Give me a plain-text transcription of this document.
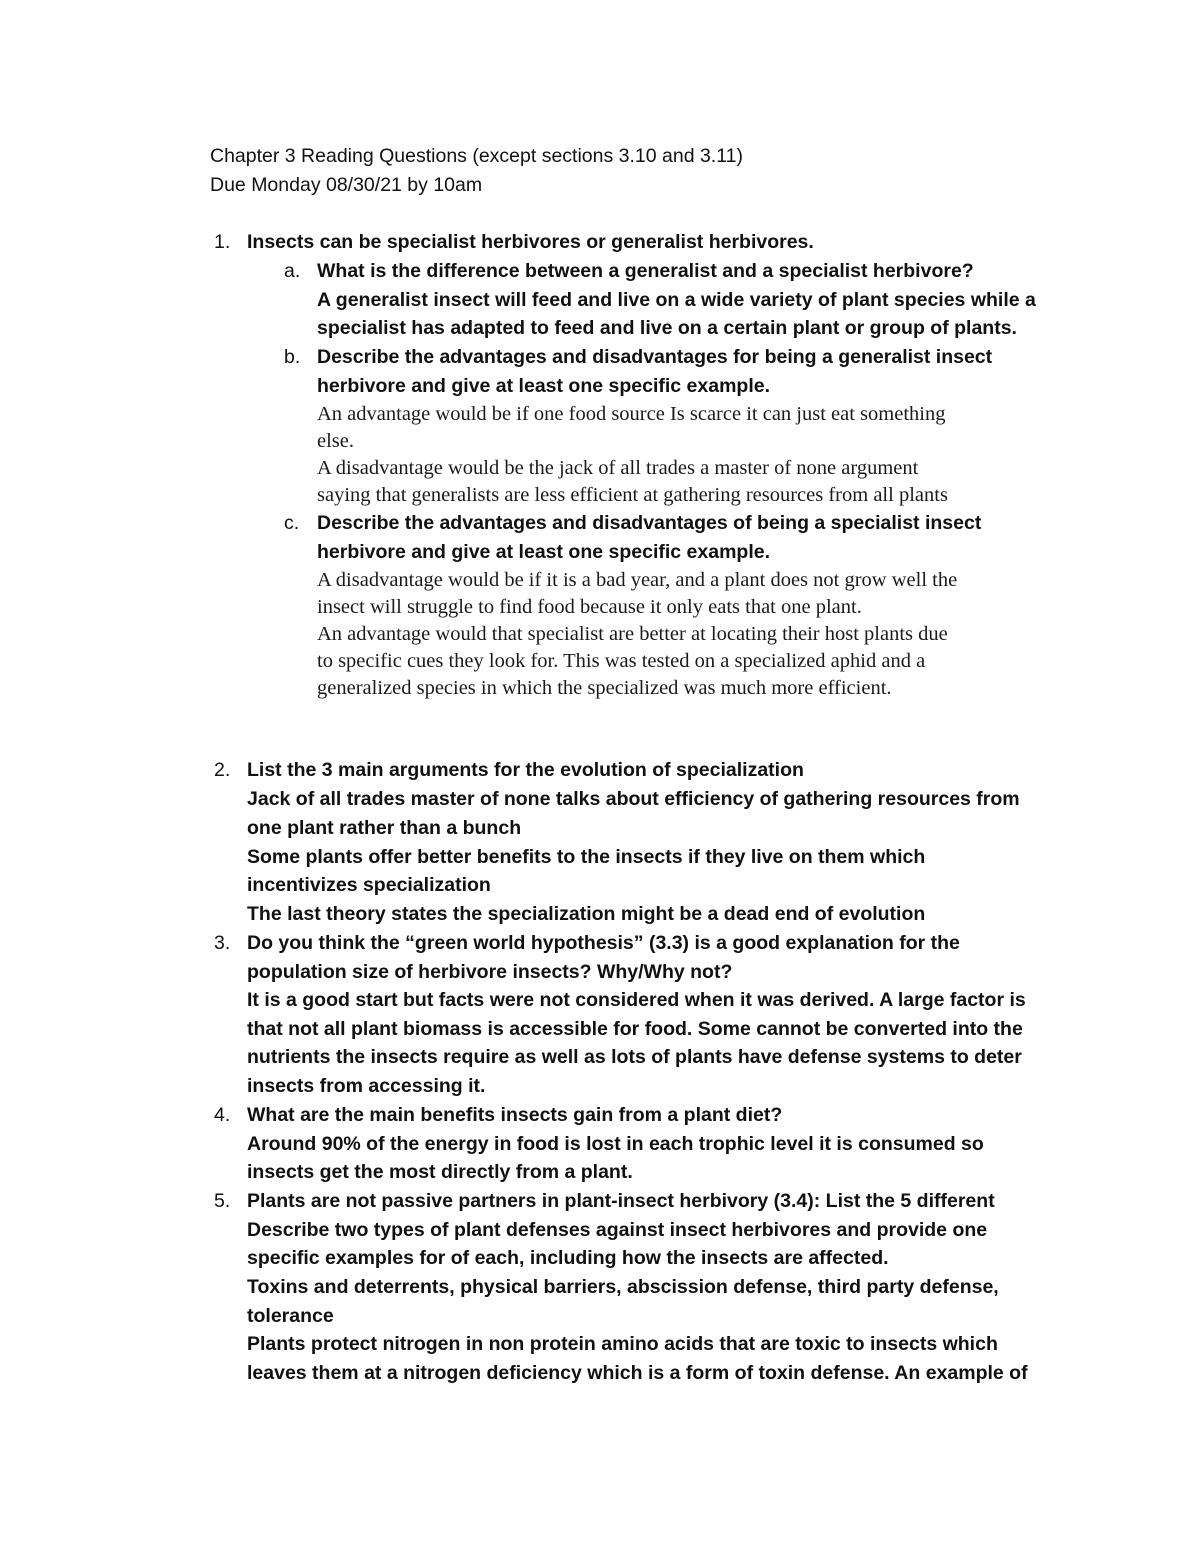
Chapter 3 Reading Questions (except sections 3.10 and 3.11)
Due Monday 08/30/21 by 10am
1. Insects can be specialist herbivores or generalist herbivores.
a. What is the difference between a generalist and a specialist herbivore?
A generalist insect will feed and live on a wide variety of plant species while a
specialist has adapted to feed and live on a certain plant or group of plants.
b. Describe the advantages and disadvantages for being a generalist insect
herbivore and give at least one specific example.
An advantage would be if one food source Is scarce it can just eat something
else.
A disadvantage would be the jack of all trades a master of none argument
saying that generalists are less efficient at gathering resources from all plants
c. Describe the advantages and disadvantages of being a specialist insect
herbivore and give at least one specific example.
A disadvantage would be if it is a bad year, and a plant does not grow well the
insect will struggle to find food because it only eats that one plant.
An advantage would that specialist are better at locating their host plants due
to specific cues they look for. This was tested on a specialized aphid and a
generalized species in which the specialized was much more efficient.
2. List the 3 main arguments for the evolution of specialization
Jack of all trades master of none talks about efficiency of gathering resources from
one plant rather than a bunch
Some plants offer better benefits to the insects if they live on them which
incentivizes specialization
The last theory states the specialization might be a dead end of evolution
3. Do you think the “green world hypothesis” (3.3) is a good explanation for the
population size of herbivore insects? Why/Why not?
It is a good start but facts were not considered when it was derived. A large factor is
that not all plant biomass is accessible for food. Some cannot be converted into the
nutrients the insects require as well as lots of plants have defense systems to deter
insects from accessing it.
4. What are the main benefits insects gain from a plant diet?
Around 90% of the energy in food is lost in each trophic level it is consumed so
insects get the most directly from a plant.
5. Plants are not passive partners in plant-insect herbivory (3.4): List the 5 different
Describe two types of plant defenses against insect herbivores and provide one
specific examples for of each, including how the insects are affected.
Toxins and deterrents, physical barriers, abscission defense, third party defense,
tolerance
Plants protect nitrogen in non protein amino acids that are toxic to insects which
leaves them at a nitrogen deficiency which is a form of toxin defense. An example of
